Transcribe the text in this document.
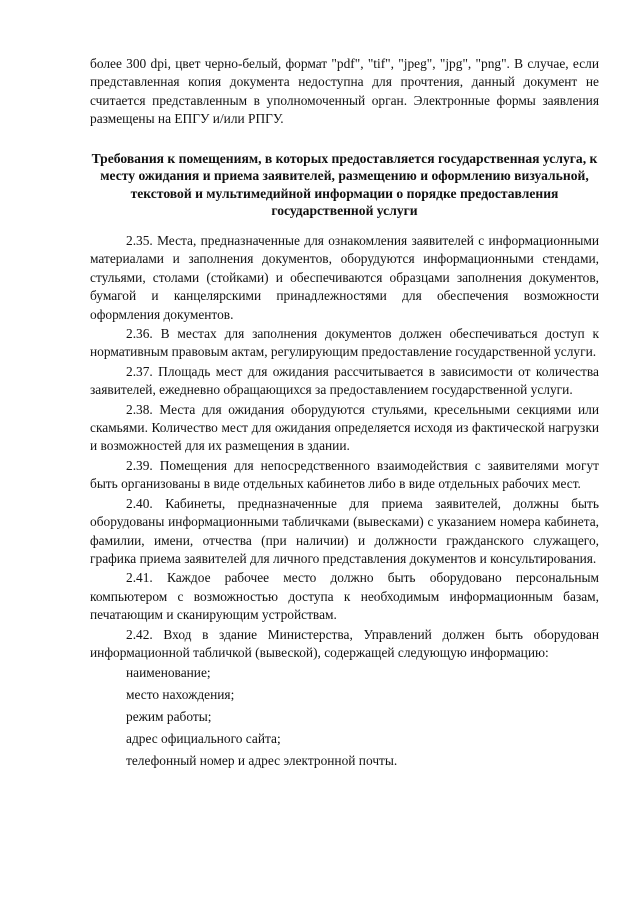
более 300 dpi, цвет черно-белый, формат "pdf", "tif", "jpeg", "jpg", "png". В случае, если представленная копия документа недоступна для прочтения, данный документ не считается представленным в уполномоченный орган. Электронные формы заявления размещены на ЕПГУ и/или РПГУ.

Требования к помещениям, в которых предоставляется государственная услуга, к месту ожидания и приема заявителей, размещению и оформлению визуальной, текстовой и мультимедийной информации о порядке предоставления государственной услуги

2.35. Места, предназначенные для ознакомления заявителей с информационными материалами и заполнения документов, оборудуются информационными стендами, стульями, столами (стойками) и обеспечиваются образцами заполнения документов, бумагой и канцелярскими принадлежностями для обеспечения возможности оформления документов.

2.36. В местах для заполнения документов должен обеспечиваться доступ к нормативным правовым актам, регулирующим предоставление государственной услуги.

2.37. Площадь мест для ожидания рассчитывается в зависимости от количества заявителей, ежедневно обращающихся за предоставлением государственной услуги.

2.38. Места для ожидания оборудуются стульями, кресельными секциями или скамьями. Количество мест для ожидания определяется исходя из фактической нагрузки и возможностей для их размещения в здании.

2.39. Помещения для непосредственного взаимодействия с заявителями могут быть организованы в виде отдельных кабинетов либо в виде отдельных рабочих мест.

2.40. Кабинеты, предназначенные для приема заявителей, должны быть оборудованы информационными табличками (вывесками) с указанием номера кабинета, фамилии, имени, отчества (при наличии) и должности гражданского служащего, графика приема заявителей для личного представления документов и консультирования.

2.41. Каждое рабочее место должно быть оборудовано персональным компьютером с возможностью доступа к необходимым информационным базам, печатающим и сканирующим устройствам.

2.42. Вход в здание Министерства, Управлений должен быть оборудован информационной табличкой (вывеской), содержащей следующую информацию:

наименование;
место нахождения;
режим работы;
адрес официального сайта;
телефонный номер и адрес электронной почты.
